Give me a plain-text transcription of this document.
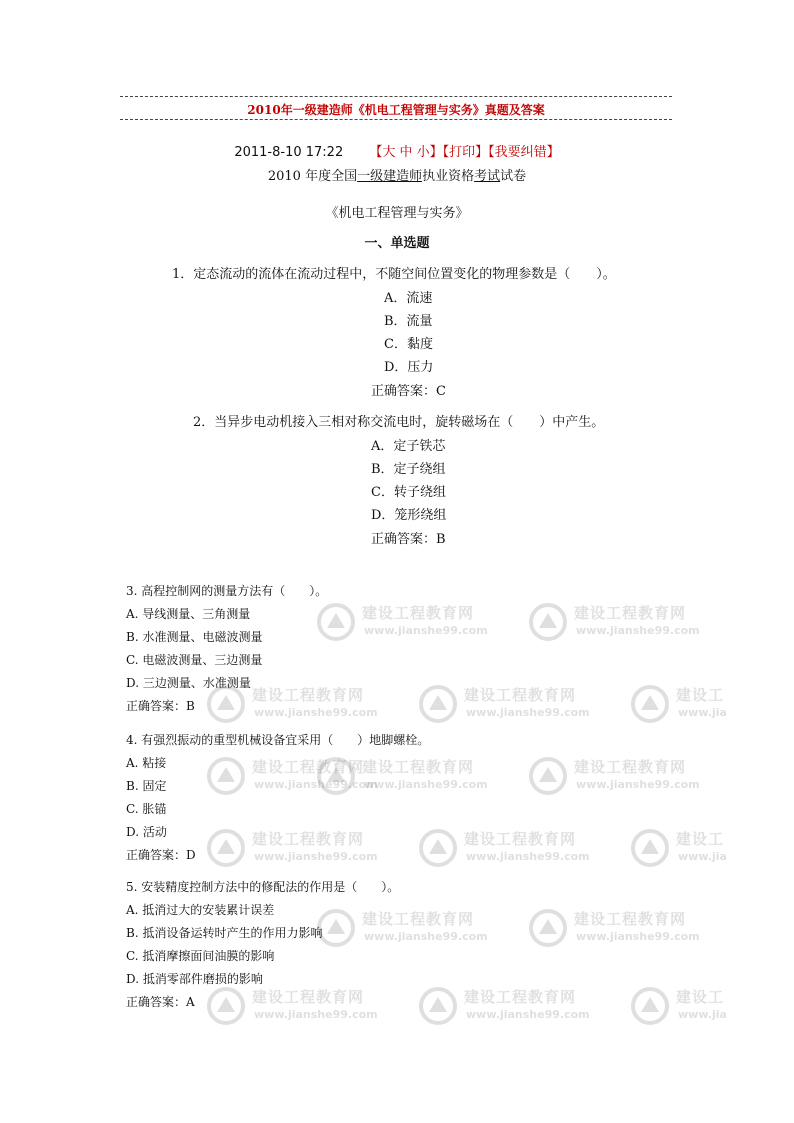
2010年一级建造师《机电工程管理与实务》真题及答案
2011-8-10 17:22 【大 中 小】【打印】【我要纠错】
2010 年度全国一级建造师执业资格考试试卷
《机电工程管理与实务》
一、单选题
建设工程教育网
www.jianshe99.com
建设工程教育网
www.jianshe99.com
建设工程教育网
www.jianshe99.com
建设工程教育网
www.jianshe99.com
建设工
www.jia
建设工程教育网
www.jianshe99.com
建设工程教育网
www.jianshe99.com
建设工程教育网
www.jianshe99.com
建设工程教育网
www.jianshe99.com
建设工程教育网
www.jianshe99.com
建设工
www.jia
建设工程教育网
www.jianshe99.com
建设工程教育网
www.jianshe99.com
建设工程教育网
www.jianshe99.com
建设工程教育网
www.jianshe99.com
建设工
www.jia
1．定态流动的流体在流动过程中，不随空间位置变化的物理参数是（　　）。
A．流速
B．流量
C．黏度
D．压力
正确答案：C
2．当异步电动机接入三相对称交流电时，旋转磁场在（　　）中产生。
A．定子铁芯
B．定子绕组
C．转子绕组
D．笼形绕组
正确答案：B
3. 高程控制网的测量方法有（　　）。
A. 导线测量、三角测量
B. 水准测量、电磁波测量
C. 电磁波测量、三边测量
D. 三边测量、水准测量
正确答案：B
4. 有强烈振动的重型机械设备宜采用（　　）地脚螺栓。
A. 粘接
B. 固定
C. 胀锚
D. 活动
正确答案：D
5. 安装精度控制方法中的修配法的作用是（　　）。
A. 抵消过大的安装累计误差
B. 抵消设备运转时产生的作用力影响
C. 抵消摩擦面间油膜的影响
D. 抵消零部件磨损的影响
正确答案：A
